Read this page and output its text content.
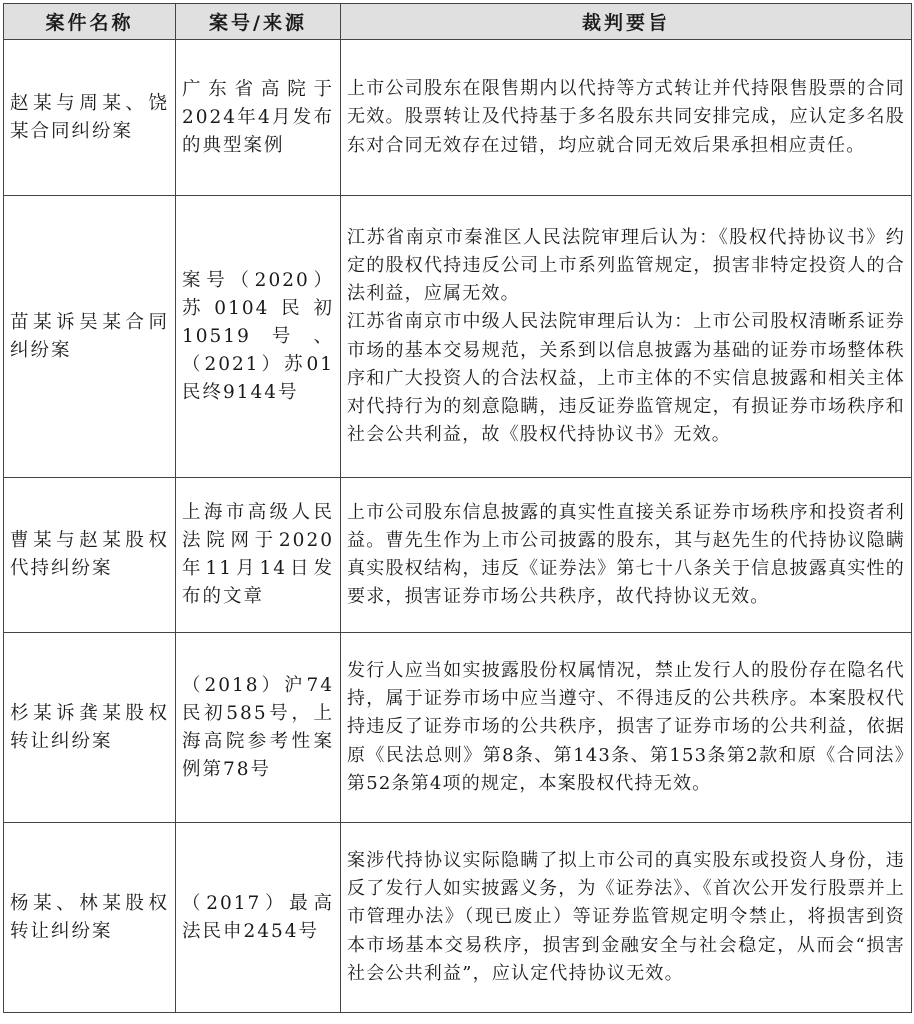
案件名称	案号/来源	裁判要旨
赵某与周某、饶某合同纠纷案	广东省高院于2024年4月发布的典型案例	上市公司股东在限售期内以代持等方式转让并代持限售股票的合同无效。股票转让及代持基于多名股东共同安排完成，应认定多名股东对合同无效存在过错，均应就合同无效后果承担相应责任。

苗某诉吴某合同纠纷案	案号（2020）苏0104民初10519号、（2021）苏01民终9144号	江苏省南京市秦淮区人民法院审理后认为：《股权代持协议书》约定的股权代持违反公司上市系列监管规定，损害非特定投资人的合法利益，应属无效。
江苏省南京市中级人民法院审理后认为：上市公司股权清晰系证券市场的基本交易规范，关系到以信息披露为基础的证券市场整体秩序和广大投资人的合法权益，上市主体的不实信息披露和相关主体对代持行为的刻意隐瞒，违反证券监管规定，有损证券市场秩序和社会公共利益，故《股权代持协议书》无效。

曹某与赵某股权代持纠纷案	上海市高级人民法院网于2020年11月14日发布的文章	上市公司股东信息披露的真实性直接关系证券市场秩序和投资者利益。曹先生作为上市公司披露的股东，其与赵先生的代持协议隐瞒真实股权结构，违反《证券法》第七十八条关于信息披露真实性的要求，损害证券市场公共秩序，故代持协议无效。

杉某诉龚某股权转让纠纷案	（2018）沪74民初585号，上海高院参考性案例第78号	发行人应当如实披露股份权属情况，禁止发行人的股份存在隐名代持，属于证券市场中应当遵守、不得违反的公共秩序。本案股权代持违反了证券市场的公共秩序，损害了证券市场的公共利益，依据原《民法总则》第8条、第143条、第153条第2款和原《合同法》第52条第4项的规定，本案股权代持无效。

杨某、林某股权转让纠纷案	（2017）最高法民申2454号	案涉代持协议实际隐瞒了拟上市公司的真实股东或投资人身份，违反了发行人如实披露义务，为《证券法》、《首次公开发行股票并上市管理办法》（现已废止）等证券监管规定明令禁止，将损害到资本市场基本交易秩序，损害到金融安全与社会稳定，从而会“损害社会公共利益”，应认定代持协议无效。
